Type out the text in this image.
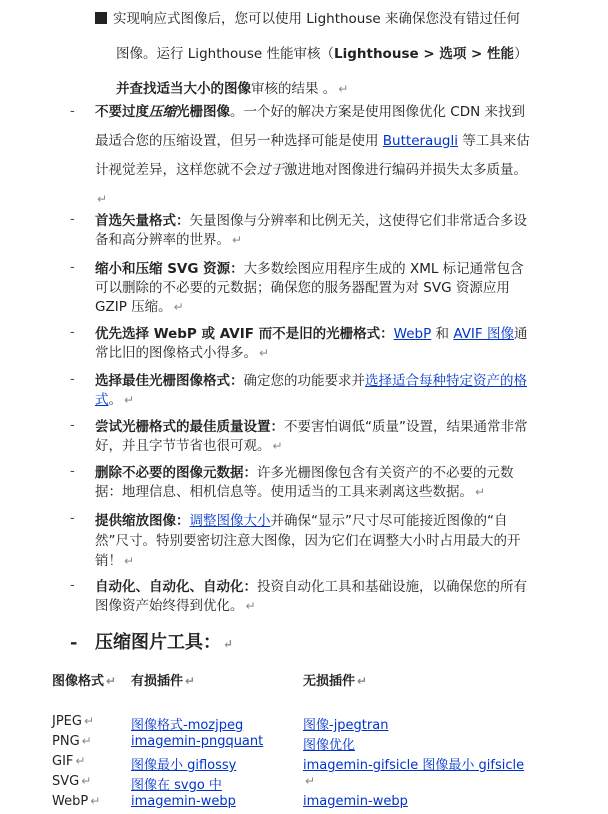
实现响应式图像后，您可以使用 Lighthouse 来确保您没有错过任何
图像。运行 Lighthouse 性能审核（Lighthouse > 选项 > 性能）
并查找适当大小的图像审核的结果 。 ↵
- 不要过度压缩光栅图像。一个好的解决方案是使用图像优化 CDN 来找到最适合您的压缩设置，但另一种选择可能是使用 Butteraugli 等工具来估计视觉差异，这样您就不会过于激进地对图像进行编码并损失太多质量。↵
- 首选矢量格式：矢量图像与分辨率和比例无关，这使得它们非常适合多设备和高分辨率的世界。 ↵
- 缩小和压缩 SVG 资源：大多数绘图应用程序生成的 XML 标记通常包含可以删除的不必要的元数据；确保您的服务器配置为对 SVG 资源应用 GZIP 压缩。 ↵
- 优先选择 WebP 或 AVIF 而不是旧的光栅格式：WebP 和 AVIF 图像通常比旧的图像格式小得多。 ↵
- 选择最佳光栅图像格式：确定您的功能要求并选择适合每种特定资产的格式。 ↵
- 尝试光栅格式的最佳质量设置：不要害怕调低“质量”设置，结果通常非常好，并且字节节省也很可观。 ↵
- 删除不必要的图像元数据：许多光栅图像包含有关资产的不必要的元数据：地理信息、相机信息等。使用适当的工具来剥离这些数据。 ↵
- 提供缩放图像：调整图像大小并确保“显示”尺寸尽可能接近图像的“自然”尺寸。特别要密切注意大图像，因为它们在调整大小时占用最大的开销！ ↵
- 自动化、自动化、自动化：投资自动化工具和基础设施，以确保您的所有图像资产始终得到优化。 ↵
- 压缩图片工具： ↵
图像格式 ↵	有损插件 ↵	无损插件 ↵
JPEG ↵	图像格式-mozjpeg	图像-jpegtran
PNG ↵	imagemin-pngquant	图像优化
GIF ↵	图像最小 giflossy	imagemin-gifsicle 图像最小 gifsicle
SVG ↵	图像在 svgo 中	↵
WebP ↵	imagemin-webp	imagemin-webp
